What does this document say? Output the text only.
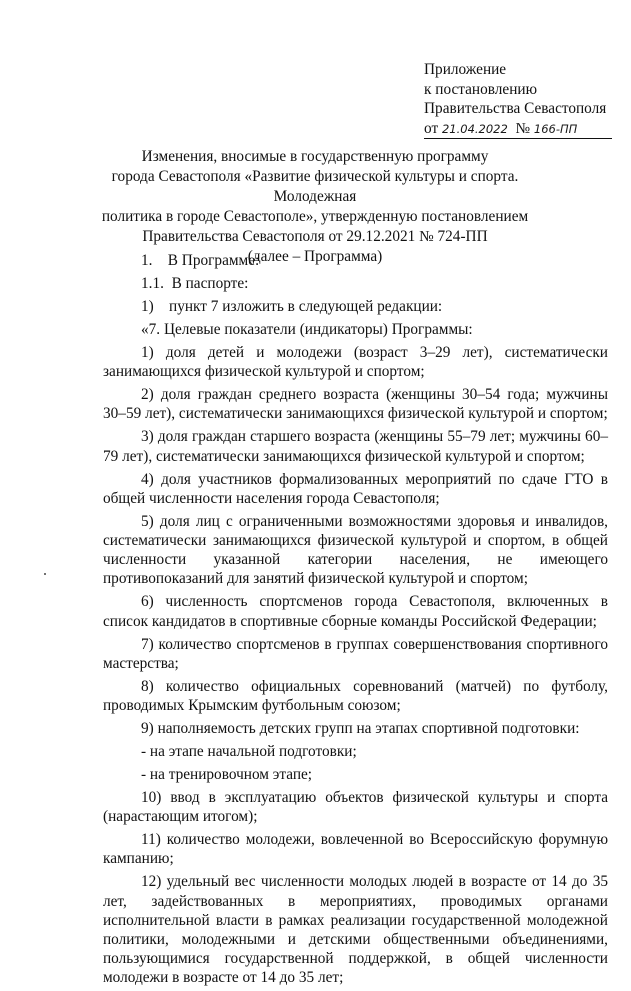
Приложение
к постановлению
Правительства Севастополя
от 21.04.2022 № 166-ПП
Изменения, вносимые в государственную программу
города Севастополя «Развитие физической культуры и спорта. Молодежная
политика в городе Севастополе», утвержденную постановлением
Правительства Севастополя от 29.12.2021 № 724-ПП
(далее – Программа)

1.    В Программе:

1.1.  В паспорте:

1)    пункт 7 изложить в следующей редакции:

«7. Целевые показатели (индикаторы) Программы:

1) доля детей и молодежи (возраст 3–29 лет), систематически занимающихся физической культурой и спортом;

2) доля граждан среднего возраста (женщины 30–54 года; мужчины 30–59 лет), систематически занимающихся физической культурой и спортом;

3) доля граждан старшего возраста (женщины 55–79 лет; мужчины 60–79 лет), систематически занимающихся физической культурой и спортом;

4) доля участников формализованных мероприятий по сдаче ГТО в общей численности населения города Севастополя;

5) доля лиц с ограниченными возможностями здоровья и инвалидов, систематически занимающихся физической культурой и спортом, в общей численности указанной категории населения, не имеющего противопоказаний для занятий физической культурой и спортом;

6) численность спортсменов города Севастополя, включенных в список кандидатов в спортивные сборные команды Российской Федерации;

7) количество спортсменов в группах совершенствования спортивного мастерства;

8) количество официальных соревнований (матчей) по футболу, проводимых Крымским футбольным союзом;

9) наполняемость детских групп на этапах спортивной подготовки:

- на этапе начальной подготовки;

- на тренировочном этапе;

10) ввод в эксплуатацию объектов физической культуры и спорта (нарастающим итогом);

11) количество молодежи, вовлеченной во Всероссийскую форумную кампанию;

12) удельный вес численности молодых людей в возрасте от 14 до 35 лет, задействованных в мероприятиях, проводимых органами исполнительной власти в рамках реализации государственной молодежной политики, молодежными и детскими общественными объединениями, пользующимися государственной поддержкой, в общей численности молодежи в возрасте от 14 до 35 лет;
